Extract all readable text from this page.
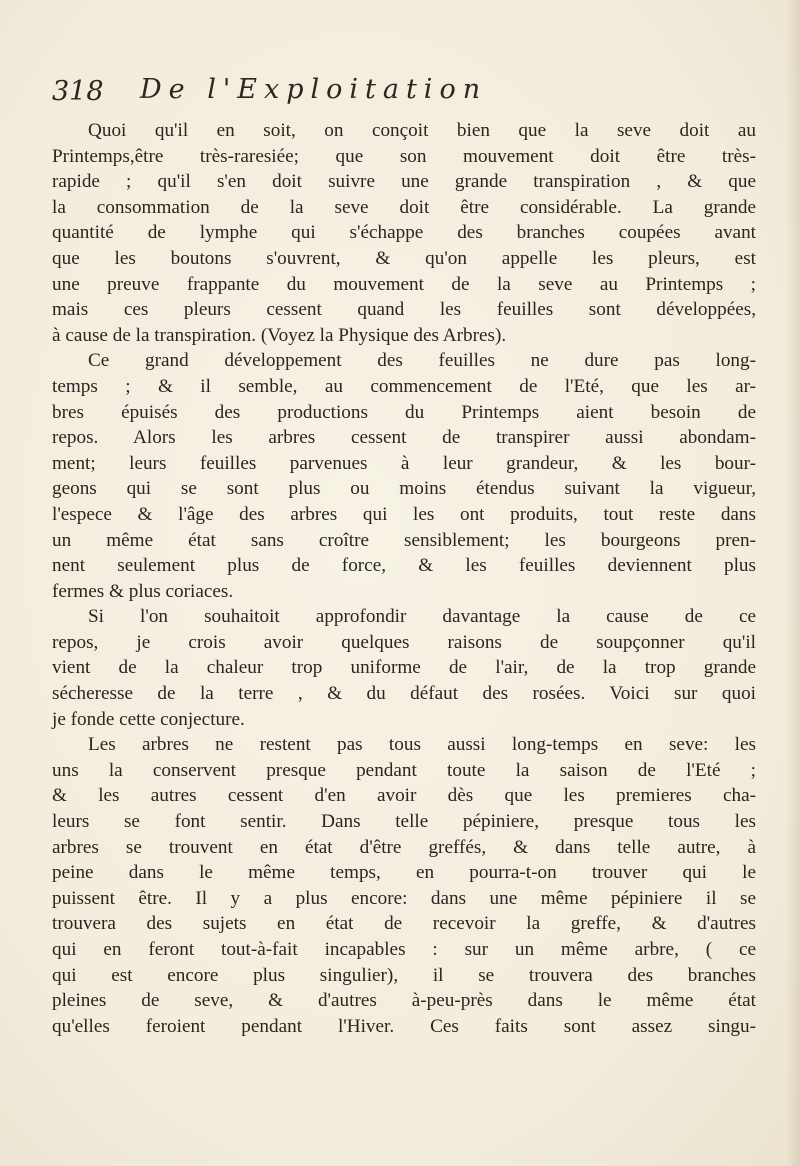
318 De l'Exploitation
Quoi qu'il en soit, on conçoit bien que la seve doit au
Printemps,être très-raresiée; que son mouvement doit être très-
rapide ; qu'il s'en doit suivre une grande transpiration , & que
la consommation de la seve doit être considérable. La grande
quantité de lymphe qui s'échappe des branches coupées avant
que les boutons s'ouvrent, & qu'on appelle les pleurs, est
une preuve frappante du mouvement de la seve au Printemps ;
mais ces pleurs cessent quand les feuilles sont développées,
à cause de la transpiration. (Voyez la Physique des Arbres).
Ce grand développement des feuilles ne dure pas long-
temps ; & il semble, au commencement de l'Eté, que les ar-
bres épuisés des productions du Printemps aient besoin de
repos. Alors les arbres cessent de transpirer aussi abondam-
ment; leurs feuilles parvenues à leur grandeur, & les bour-
geons qui se sont plus ou moins étendus suivant la vigueur,
l'espece & l'âge des arbres qui les ont produits, tout reste dans
un même état sans croître sensiblement; les bourgeons pren-
nent seulement plus de force, & les feuilles deviennent plus
fermes & plus coriaces.
Si l'on souhaitoit approfondir davantage la cause de ce
repos, je crois avoir quelques raisons de soupçonner qu'il
vient de la chaleur trop uniforme de l'air, de la trop grande
sécheresse de la terre , & du défaut des rosées. Voici sur quoi
je fonde cette conjecture.
Les arbres ne restent pas tous aussi long-temps en seve: les
uns la conservent presque pendant toute la saison de l'Eté ;
& les autres cessent d'en avoir dès que les premieres cha-
leurs se font sentir. Dans telle pépiniere, presque tous les
arbres se trouvent en état d'être greffés, & dans telle autre, à
peine dans le même temps, en pourra-t-on trouver qui le
puissent être. Il y a plus encore: dans une même pépiniere il se
trouvera des sujets en état de recevoir la greffe, & d'autres
qui en feront tout-à-fait incapables : sur un même arbre, ( ce
qui est encore plus singulier), il se trouvera des branches
pleines de seve, & d'autres à-peu-près dans le même état
qu'elles feroient pendant l'Hiver. Ces faits sont assez singu-
